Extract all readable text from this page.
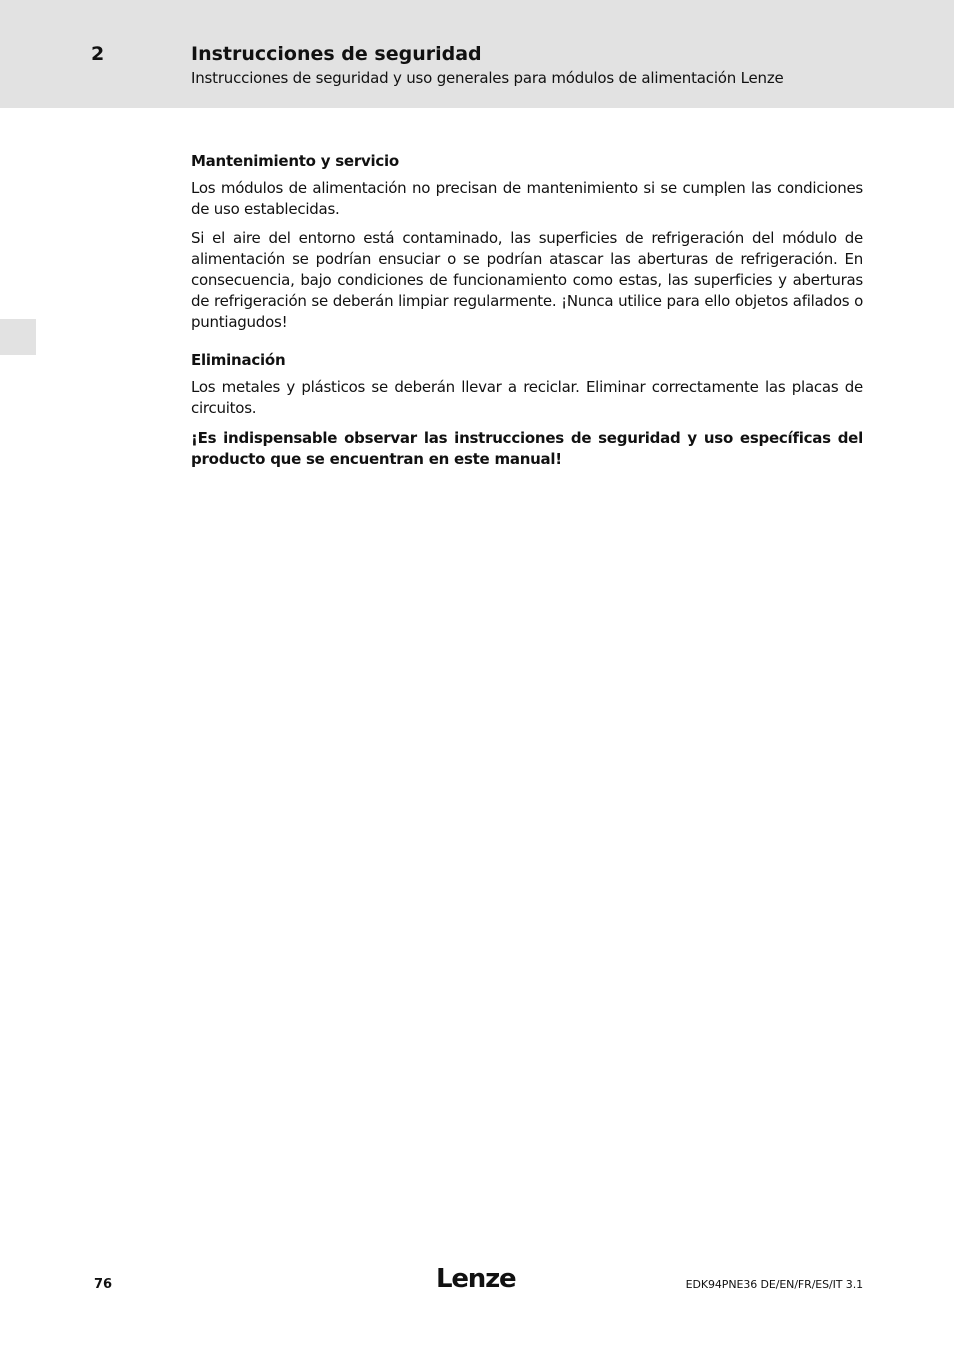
2	Instrucciones de seguridad
Instrucciones de seguridad y uso generales para módulos de alimentación Lenze
Mantenimiento y servicio

Los módulos de alimentación no precisan de mantenimiento si se cumplen las condiciones de uso establecidas.

Si el aire del entorno está contaminado, las superficies de refrigeración del módulo de alimentación se podrían ensuciar o se podrían atascar las aberturas de refrigeración. En consecuencia, bajo condiciones de funcionamiento como estas, las superficies y aberturas de refrigeración se deberán limpiar regularmente. ¡Nunca utilice para ello objetos afilados o puntiagudos!

Eliminación

Los metales y plásticos se deberán llevar a reciclar. Eliminar correctamente las placas de circuitos.

¡Es indispensable observar las instrucciones de seguridad y uso específicas del producto que se encuentran en este manual!

76	Lenze	EDK94PNE36 DE/EN/FR/ES/IT 3.1
